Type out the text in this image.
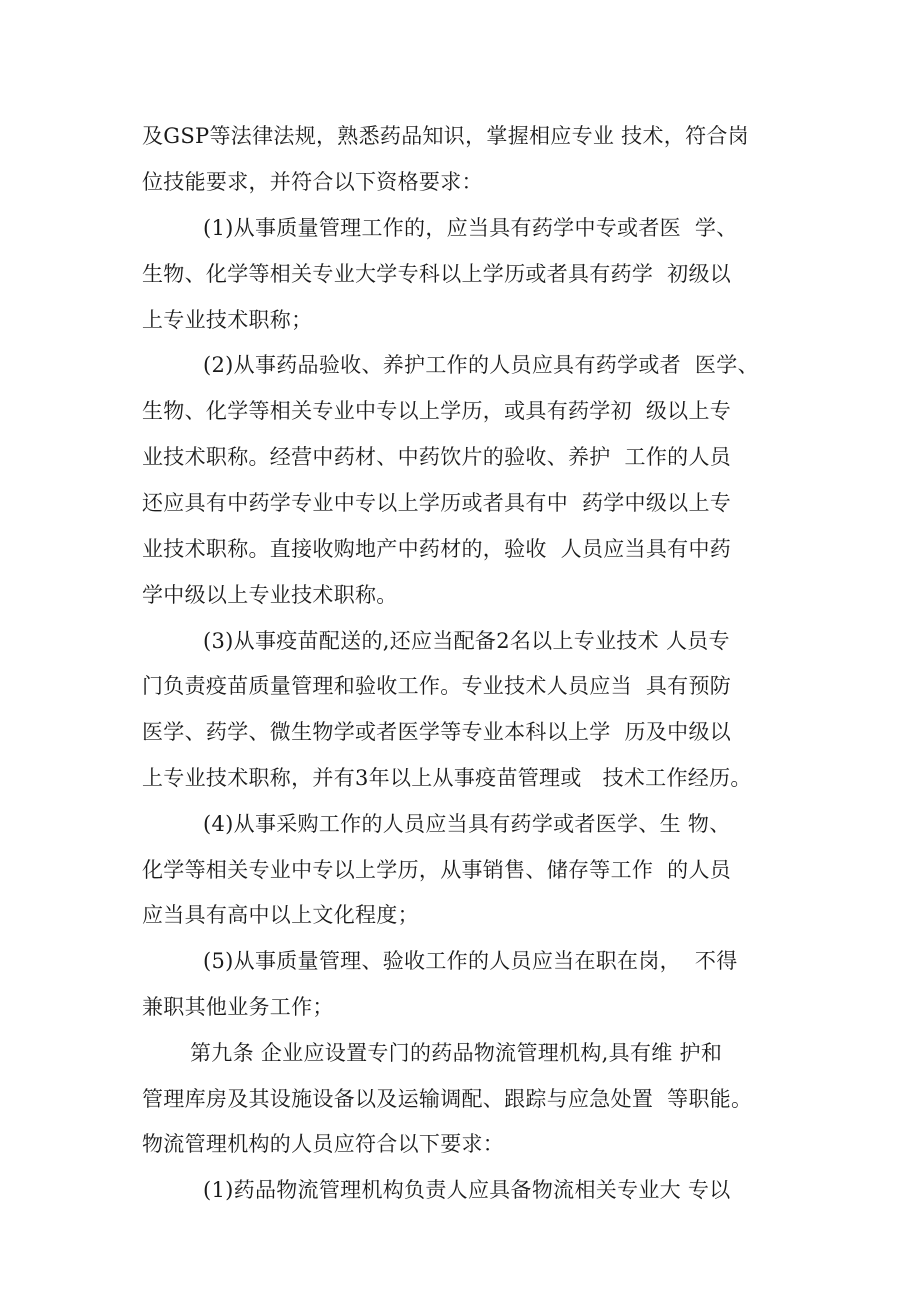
及GSP等法律法规，熟悉药品知识，掌握相应专业 技术，符合岗
位技能要求，并符合以下资格要求：
(1)从事质量管理工作的，应当具有药学中专或者医  学、
生物、化学等相关专业大学专科以上学历或者具有药学  初级以
上专业技术职称；
(2)从事药品验收、养护工作的人员应具有药学或者  医学、
生物、化学等相关专业中专以上学历，或具有药学初  级以上专
业技术职称。经营中药材、中药饮片的验收、养护  工作的人员
还应具有中药学专业中专以上学历或者具有中  药学中级以上专
业技术职称。直接收购地产中药材的，验收  人员应当具有中药
学中级以上专业技术职称。
(3)从事疫苗配送的,还应当配备2名以上专业技术 人员专
门负责疫苗质量管理和验收工作。专业技术人员应当  具有预防
医学、药学、微生物学或者医学等专业本科以上学  历及中级以
上专业技术职称，并有3年以上从事疫苗管理或   技术工作经历。
(4)从事采购工作的人员应当具有药学或者医学、生 物、
化学等相关专业中专以上学历，从事销售、储存等工作  的人员
应当具有高中以上文化程度；
(5)从事质量管理、验收工作的人员应当在职在岗，  不得
兼职其他业务工作；
第九条 企业应设置专门的药品物流管理机构,具有维 护和
管理库房及其设施设备以及运输调配、跟踪与应急处置  等职能。
物流管理机构的人员应符合以下要求：
(1)药品物流管理机构负责人应具备物流相关专业大 专以
